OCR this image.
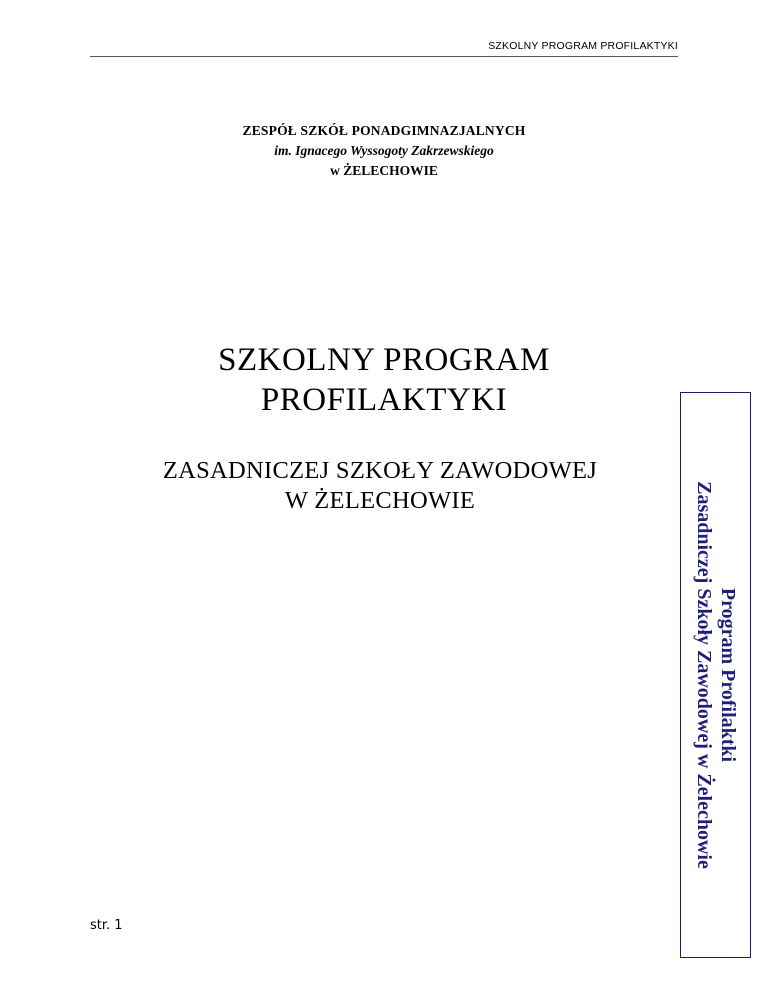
SZKOLNY PROGRAM PROFILAKTYKI
ZESPÓŁ SZKÓŁ PONADGIMNAZJALNYCH
im. Ignacego Wyssogoty Zakrzewskiego
w ŻELECHOWIE
SZKOLNY PROGRAM
PROFILAKTYKI
ZASADNICZEJ SZKOŁY ZAWODOWEJ
W ŻELECHOWIE
Program Profilaktki
Zasadniczej Szkoły Zawodowej w Żelechowie
str. 1
